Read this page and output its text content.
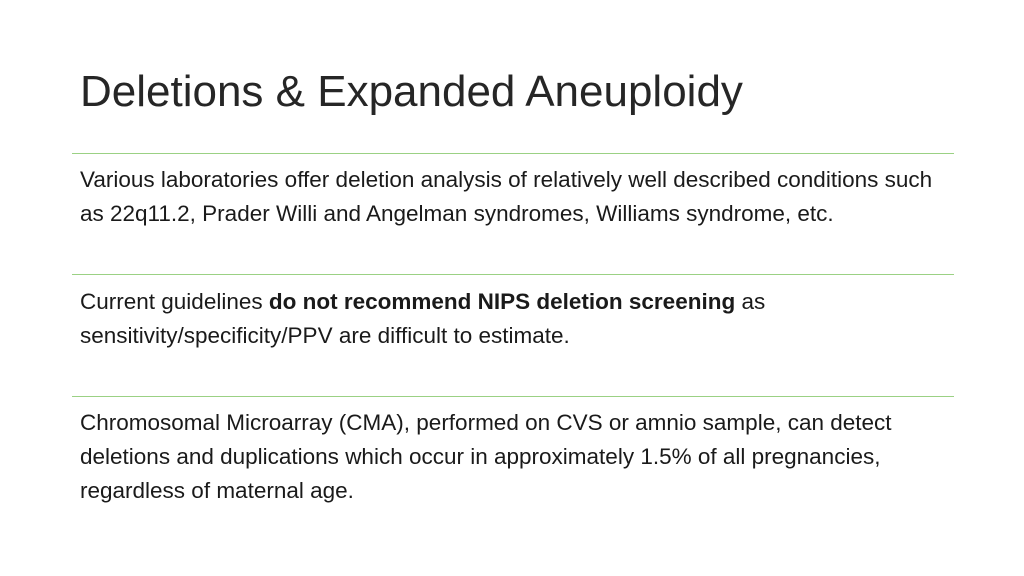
Deletions & Expanded Aneuploidy
Various laboratories offer deletion analysis of relatively well described conditions such as 22q11.2, Prader Willi and Angelman syndromes, Williams syndrome, etc.
Current guidelines do not recommend NIPS deletion screening as sensitivity/specificity/PPV are difficult to estimate.
Chromosomal Microarray (CMA), performed on CVS or amnio sample, can detect deletions and duplications which occur in approximately 1.5% of all pregnancies, regardless of maternal age.
